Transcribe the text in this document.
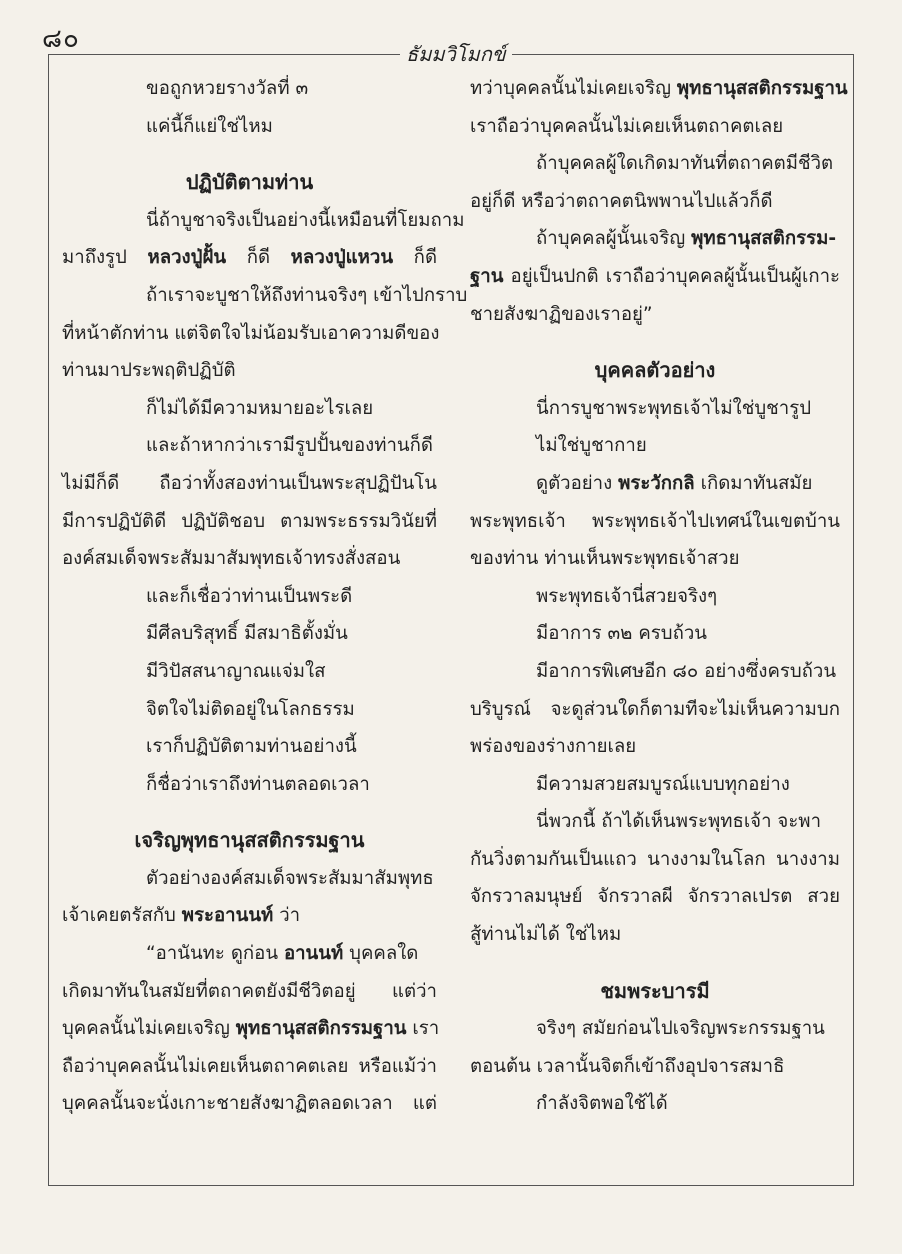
๘๐	ธัมมวิโมกข์
ขอถูกหวยรางวัลที่ ๓
แค่นี้ก็แย่ใช่ไหม
ปฏิบัติตามท่าน
นี่ถ้าบูชาจริงเป็นอย่างนี้เหมือนที่โยมถาม
มาถึงรูป หลวงปู่ฝั้น ก็ดี หลวงปู่แหวน ก็ดี
ถ้าเราจะบูชาให้ถึงท่านจริงๆ เข้าไปกราบ
ที่หน้าตักท่าน แต่จิตใจไม่น้อมรับเอาความดีของ
ท่านมาประพฤติปฏิบัติ
ก็ไม่ได้มีความหมายอะไรเลย
และถ้าหากว่าเรามีรูปปั้นของท่านก็ดี
ไม่มีก็ดี ถือว่าทั้งสองท่านเป็นพระสุปฏิปันโน
มีการปฏิบัติดี ปฏิบัติชอบ ตามพระธรรมวินัยที่
องค์สมเด็จพระสัมมาสัมพุทธเจ้าทรงสั่งสอน
และก็เชื่อว่าท่านเป็นพระดี
มีศีลบริสุทธิ์ มีสมาธิตั้งมั่น
มีวิปัสสนาญาณแจ่มใส
จิตใจไม่ติดอยู่ในโลกธรรม
เราก็ปฏิบัติตามท่านอย่างนี้
ก็ชื่อว่าเราถึงท่านตลอดเวลา
เจริญพุทธานุสสติกรรมฐาน
ตัวอย่างองค์สมเด็จพระสัมมาสัมพุทธ
เจ้าเคยตรัสกับ พระอานนท์ ว่า
“อานันทะ ดูก่อน อานนท์ บุคคลใด
เกิดมาทันในสมัยที่ตถาคตยังมีชีวิตอยู่ แต่ว่า
บุคคลนั้นไม่เคยเจริญ พุทธานุสสติกรรมฐาน เรา
ถือว่าบุคคลนั้นไม่เคยเห็นตถาคตเลย หรือแม้ว่า
บุคคลนั้นจะนั่งเกาะชายสังฆาฏิตลอดเวลา แต่
ทว่าบุคคลนั้นไม่เคยเจริญ พุทธานุสสติกรรมฐาน
เราถือว่าบุคคลนั้นไม่เคยเห็นตถาคตเลย
ถ้าบุคคลผู้ใดเกิดมาทันที่ตถาคตมีชีวิต
อยู่ก็ดี หรือว่าตถาคตนิพพานไปแล้วก็ดี
ถ้าบุคคลผู้นั้นเจริญ พุทธานุสสติกรรม-
ฐาน อยู่เป็นปกติ เราถือว่าบุคคลผู้นั้นเป็นผู้เกาะ
ชายสังฆาฏิของเราอยู่”
บุคคลตัวอย่าง
นี่การบูชาพระพุทธเจ้าไม่ใช่บูชารูป
ไม่ใช่บูชากาย
ดูตัวอย่าง พระวักกลิ เกิดมาทันสมัย
พระพุทธเจ้า พระพุทธเจ้าไปเทศน์ในเขตบ้าน
ของท่าน ท่านเห็นพระพุทธเจ้าสวย
พระพุทธเจ้านี่สวยจริงๆ
มีอาการ ๓๒ ครบถ้วน
มีอาการพิเศษอีก ๘๐ อย่างซึ่งครบถ้วน
บริบูรณ์ จะดูส่วนใดก็ตามทีจะไม่เห็นความบก
พร่องของร่างกายเลย
มีความสวยสมบูรณ์แบบทุกอย่าง
นี่พวกนี้ ถ้าได้เห็นพระพุทธเจ้า จะพา
กันวิ่งตามกันเป็นแถว นางงามในโลก นางงาม
จักรวาลมนุษย์ จักรวาลผี จักรวาลเปรต สวย
สู้ท่านไม่ได้ ใช่ไหม
ชมพระบารมี
จริงๆ สมัยก่อนไปเจริญพระกรรมฐาน
ตอนต้น เวลานั้นจิตก็เข้าถึงอุปจารสมาธิ
กำลังจิตพอใช้ได้
